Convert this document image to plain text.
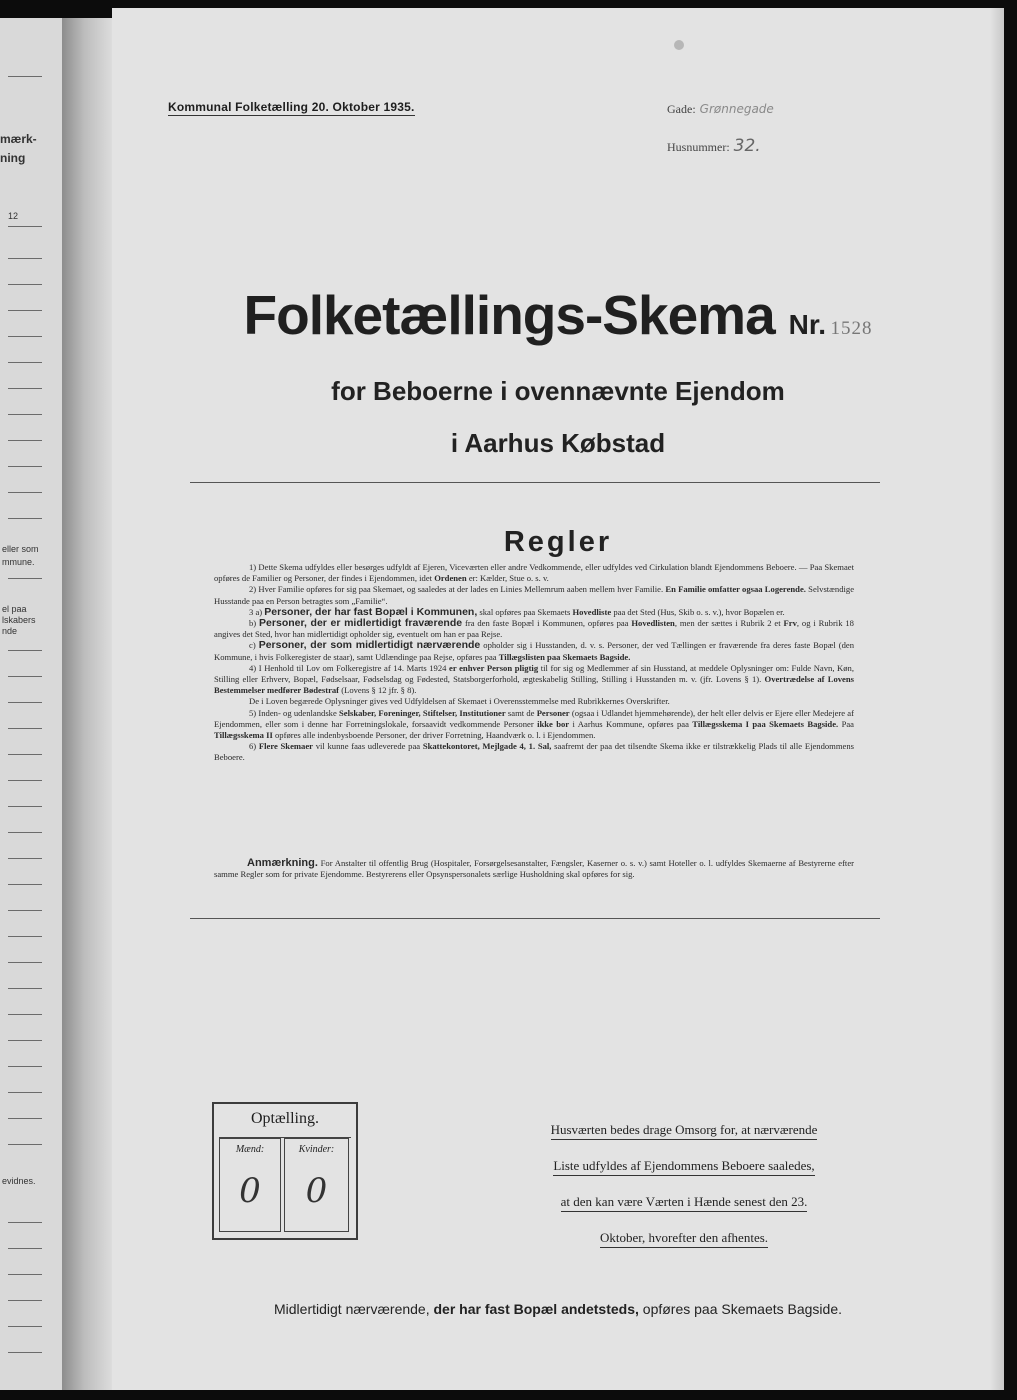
mærk-
ning
12
eller som
mmune.
el paa
lskabers
nde
evidnes.
Kommunal Folketælling 20. Oktober 1935.	Gade: Grønnegade
Husnummer: 32.
Folketællings-Skema Nr. 1528
for Beboerne i ovennævnte Ejendom
i Aarhus Købstad
Regler

1) Dette Skema udfyldes eller besørges udfyldt af Ejeren, Viceværten eller andre Vedkommende, eller udfyldes ved Cirkulation blandt Ejendommens Beboere. — Paa Skemaet opføres de Familier og Personer, der findes i Ejendommen, idet Ordenen er: Kælder, Stue o. s. v.

2) Hver Familie opføres for sig paa Skemaet, og saaledes at der lades en Linies Mellemrum aaben mellem hver Familie. En Familie omfatter ogsaa Logerende. Selvstændige Husstande paa en Person betragtes som „Familie“.

3 a) Personer, der har fast Bopæl i Kommunen, skal opføres paa Skemaets Hovedliste paa det Sted (Hus, Skib o. s. v.), hvor Bopælen er.

b) Personer, der er midlertidigt fraværende fra den faste Bopæl i Kommunen, opføres paa Hovedlisten, men der sættes i Rubrik 2 et Frv, og i Rubrik 18 angives det Sted, hvor han midlertidigt opholder sig, eventuelt om han er paa Rejse.

c) Personer, der som midlertidigt nærværende opholder sig i Husstanden, d. v. s. Personer, der ved Tællingen er fraværende fra deres faste Bopæl (den Kommune, i hvis Folkeregister de staar), samt Udlændinge paa Rejse, opføres paa Tillægslisten paa Skemaets Bagside.

4) I Henhold til Lov om Folkeregistre af 14. Marts 1924 er enhver Person pligtig til for sig og Medlemmer af sin Husstand, at meddele Oplysninger om: Fulde Navn, Køn, Stilling eller Erhverv, Bopæl, Fødselsaar, Fødselsdag og Fødested, Statsborgerforhold, ægteskabelig Stilling, Stilling i Husstanden m. v. (jfr. Lovens § 1). Overtrædelse af Lovens Bestemmelser medfører Bødestraf (Lovens § 12 jfr. § 8).

De i Loven begærede Oplysninger gives ved Udfyldelsen af Skemaet i Overensstemmelse med Rubrikkernes Overskrifter.

5) Inden- og udenlandske Selskaber, Foreninger, Stiftelser, Institutioner samt de Personer (ogsaa i Udlandet hjemmehørende), der helt eller delvis er Ejere eller Medejere af Ejendommen, eller som i denne har Forretningslokale, forsaavidt vedkommende Personer ikke bor i Aarhus Kommune, opføres paa Tillægsskema I paa Skemaets Bagside. Paa Tillægsskema II opføres alle indenbysboende Personer, der driver Forretning, Haandværk o. l. i Ejendommen.

6) Flere Skemaer vil kunne faas udleverede paa Skattekontoret, Mejlgade 4, 1. Sal, saafremt der paa det tilsendte Skema ikke er tilstrækkelig Plads til alle Ejendommens Beboere.

Anmærkning. For Anstalter til offentlig Brug (Hospitaler, Forsørgelsesanstalter, Fængsler, Kaserner o. s. v.) samt Hoteller o. l. udfyldes Skemaerne af Bestyrerne efter samme Regler som for private Ejendomme. Bestyrerens eller Opsynspersonalets særlige Husholdning skal opføres for sig.
Optælling.
Mænd:
0
Kvinder:
0
Husværten bedes drage Omsorg for, at nærværende
Liste udfyldes af Ejendommens Beboere saaledes,
at den kan være Værten i Hænde senest den 23.
Oktober, hvorefter den afhentes.
Midlertidigt nærværende, der har fast Bopæl andetsteds, opføres paa Skemaets Bagside.
